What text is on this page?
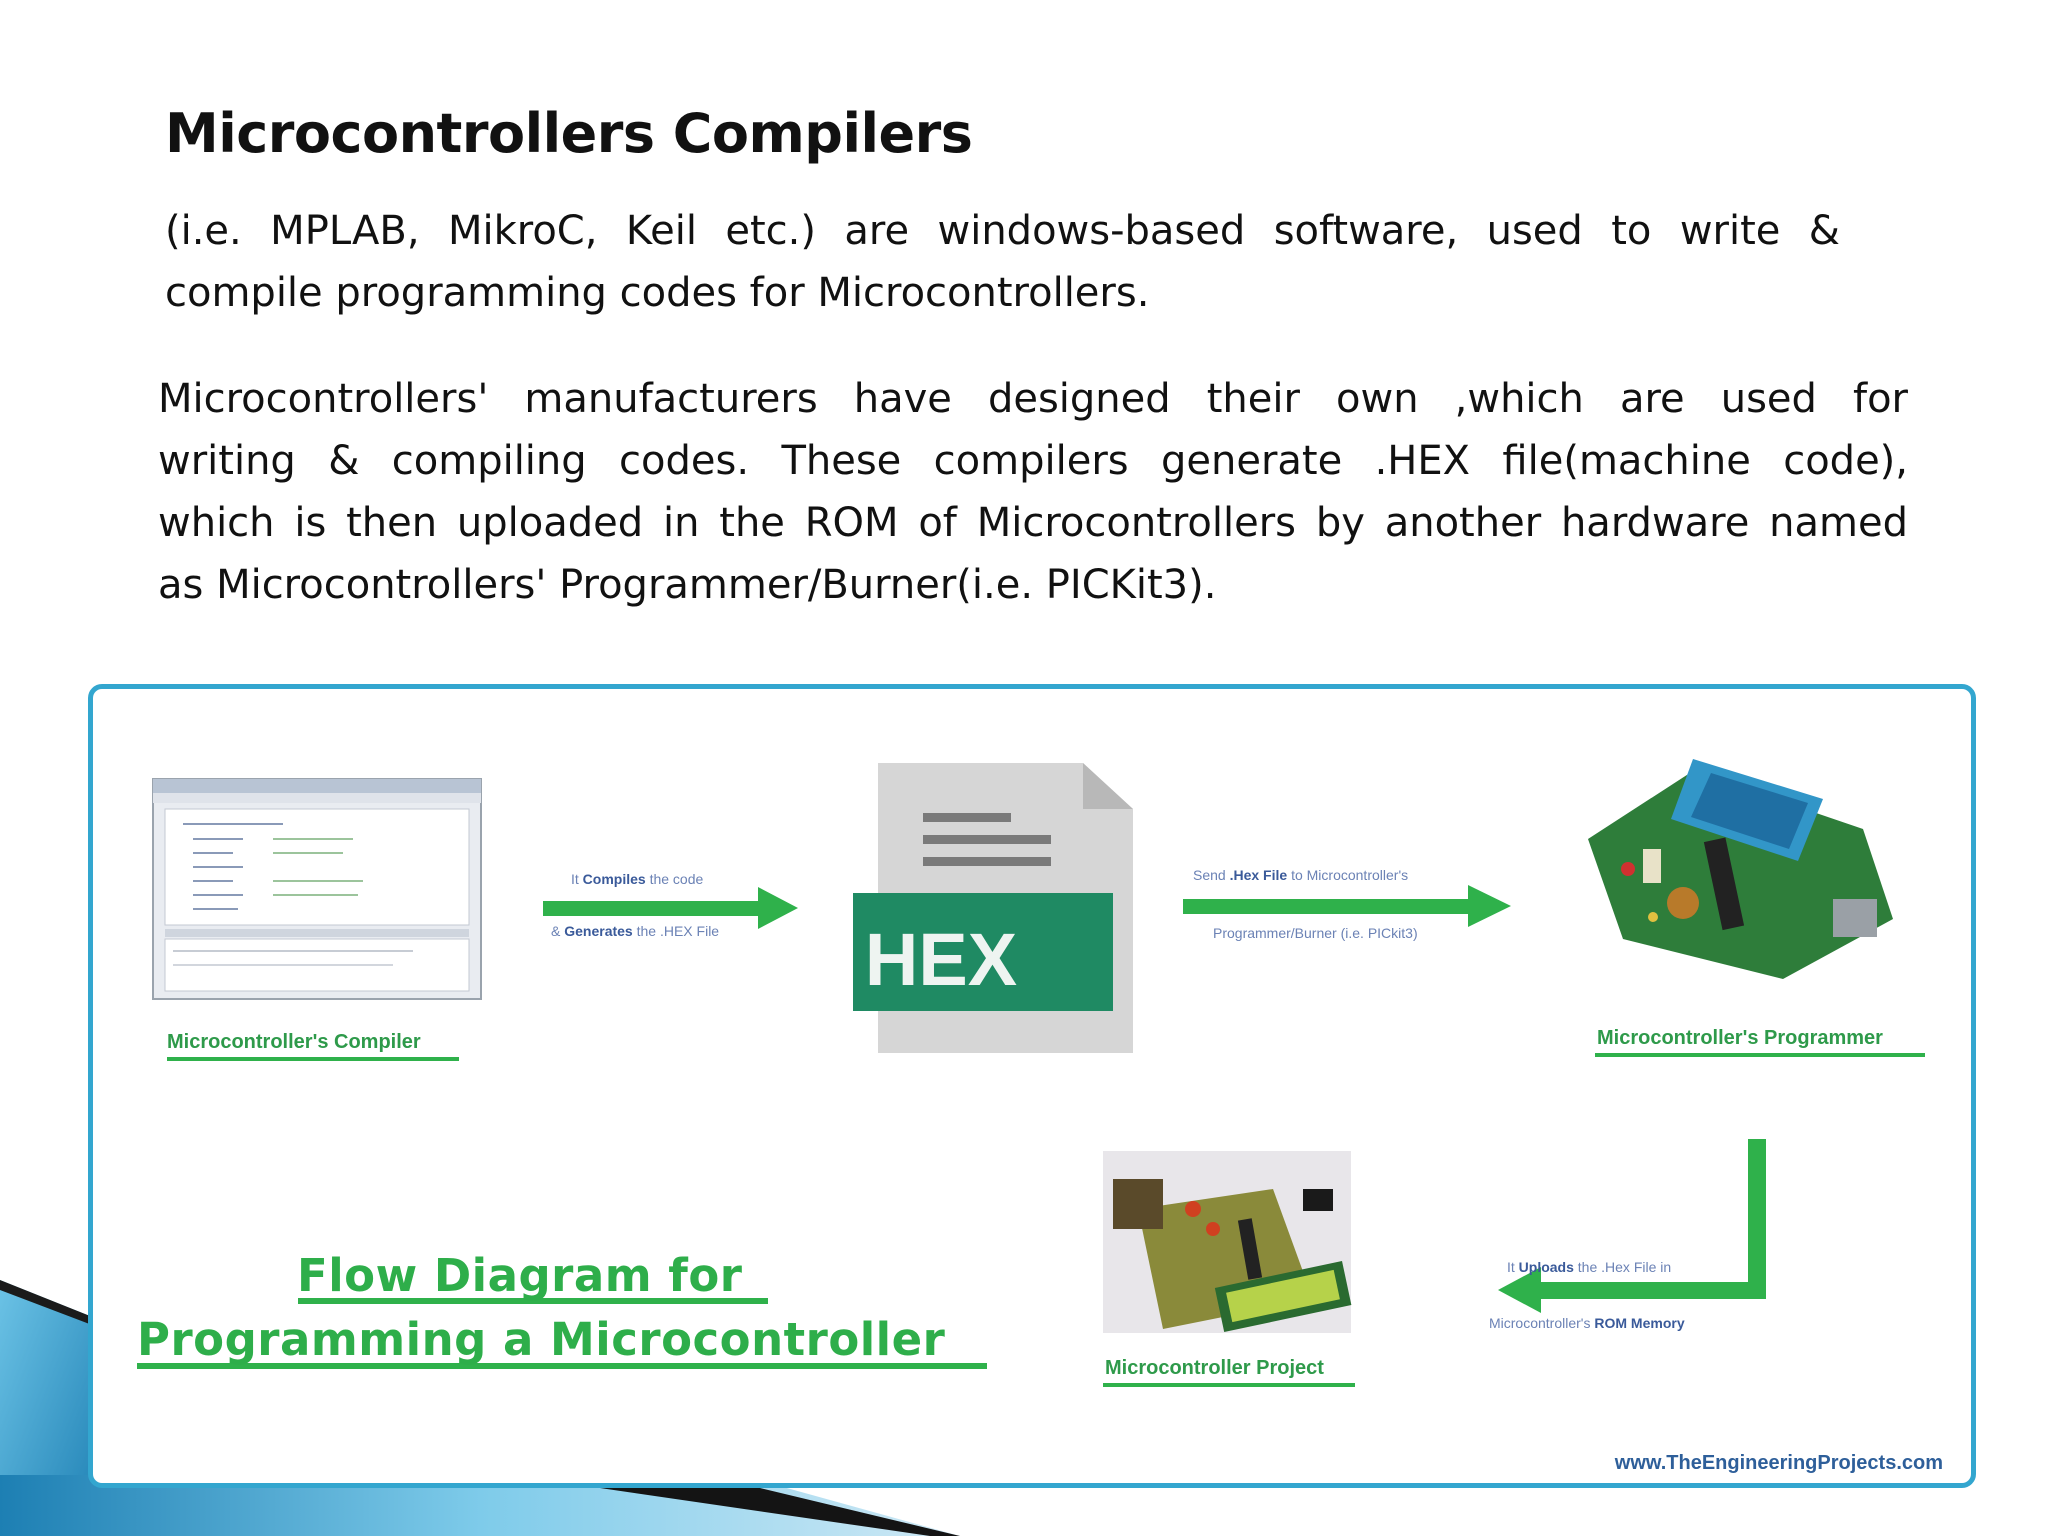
Microcontrollers Compilers
(i.e. MPLAB, MikroC, Keil etc.) are windows-based software, used to write &
compile programming codes for Microcontrollers.
Microcontrollers' manufacturers have designed their own ,which are used for
writing & compiling codes. These compilers generate .HEX file(machine code),
which is then uploaded in the ROM of Microcontrollers by another hardware named
as Microcontrollers' Programmer/Burner(i.e. PICKit3).
Microcontroller's Compiler	Microcontroller's Programmer
Microcontroller Project
HEX
It Compiles the code
& Generates the .HEX File
Send .Hex File to Microcontroller's
Programmer/Burner (i.e. PICkit3)
It Uploads the .Hex File in
Microcontroller's ROM Memory
Flow Diagram for
Programming a Microcontroller
www.TheEngineeringProjects.com
